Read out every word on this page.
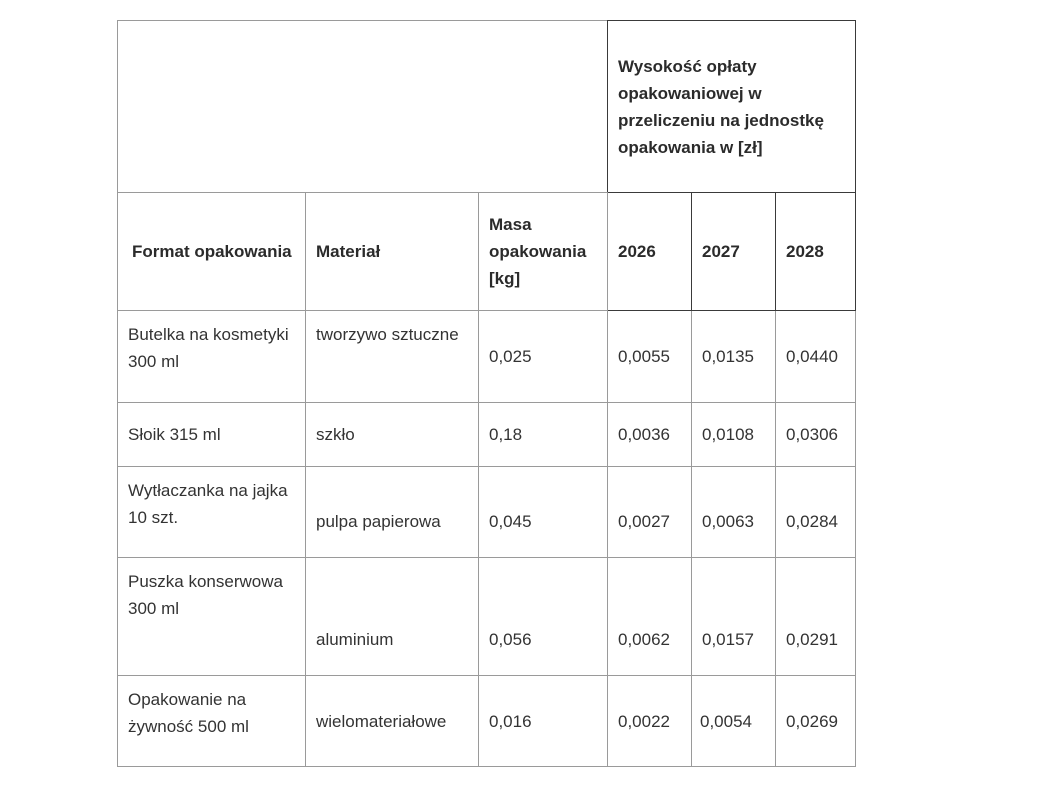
			Wysokość opłaty opakowaniowej w przeliczeniu na jednostkę opakowania w [zł]		
Format opakowania	Materiał	Masa opakowania [kg]	2026	2027	2028
Butelka na kosmetyki 300 ml	tworzywo sztuczne	0,025	0,0055	0,0135	0,0440
Słoik 315 ml	szkło	0,18	0,0036	0,0108	0,0306
Wytłaczanka na jajka 10 szt.	pulpa papierowa	0,045	0,0027	0,0063	0,0284
Puszka konserwowa 300 ml	aluminium	0,056	0,0062	0,0157	0,0291
Opakowanie na żywność 500 ml	wielomateriałowe	0,016	0,0022	0,0054	0,0269
